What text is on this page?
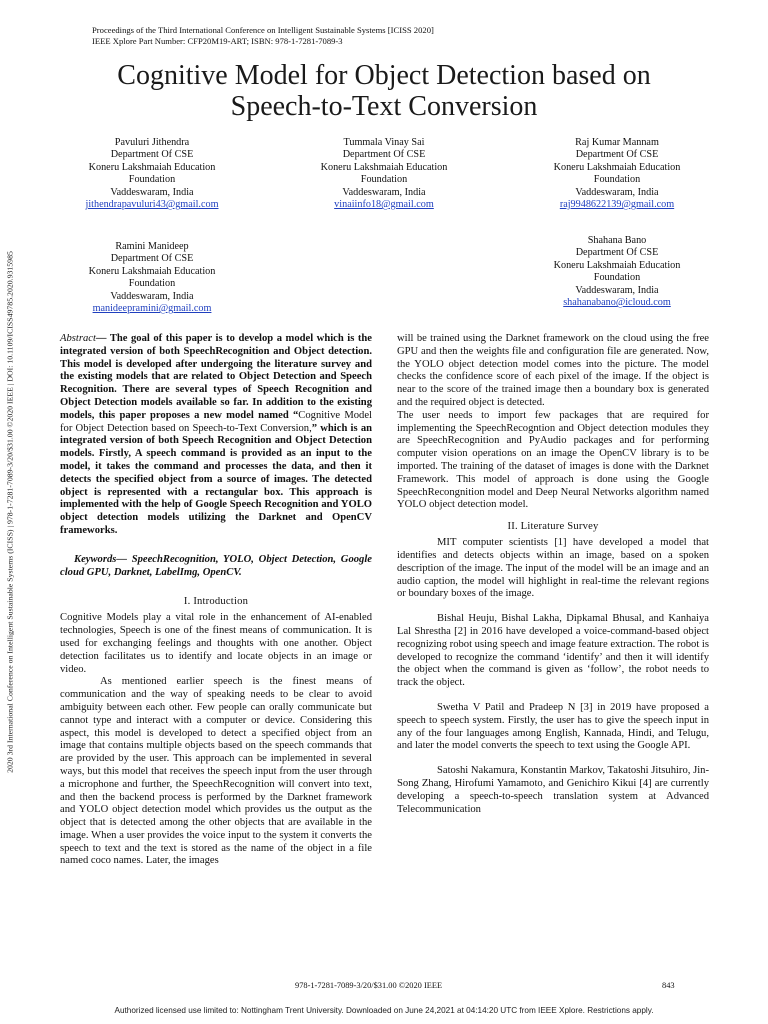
Proceedings of the Third International Conference on Intelligent Sustainable Systems [ICISS 2020]
IEEE Xplore Part Number: CFP20M19-ART; ISBN: 978-1-7281-7089-3
Cognitive Model for Object Detection based on
Speech-to-Text Conversion
2020 3rd International Conference on Intelligent Sustainable Systems (ICISS) | 978-1-7281-7089-3/20/$31.00 ©2020 IEEE | DOI: 10.1109/ICISS49785.2020.9315985
Pavuluri Jithendra
Department Of CSE
Koneru Lakshmaiah Education
Foundation
Vaddeswaram, India
jithendrapavuluri43@gmail.com
Tummala Vinay Sai
Department Of CSE
Koneru Lakshmaiah Education
Foundation
Vaddeswaram, India
vinaiinfo18@gmail.com
Raj Kumar Mannam
Department Of CSE
Koneru Lakshmaiah Education
Foundation
Vaddeswaram, India
raj9948622139@gmail.com
Ramini Manideep
Department Of CSE
Koneru Lakshmaiah Education
Foundation
Vaddeswaram, India
manideepramini@gmail.com
Shahana Bano
Department Of CSE
Koneru Lakshmaiah Education
Foundation
Vaddeswaram, India
shahanabano@icloud.com

Abstract— The goal of this paper is to develop a model which is the integrated version of both SpeechRecognition and Object detection. This model is developed after undergoing the literature survey and the existing models that are related to Object Detection and Speech Recognition. There are several types of Speech Recognition and Object Detection models available so far. In addition to the existing models, this paper proposes a new model named “Cognitive Model for Object Detection based on Speech-to-Text Conversion,” which is an integrated version of both Speech Recognition and Object Detection models. Firstly, A speech command is provided as an input to the model, it takes the command and processes the data, and then it detects the specified object from a source of images. The detected object is represented with a rectangular box. This approach is implemented with the help of Google Speech Recognition and YOLO object detection models utilizing the Darknet and OpenCV frameworks.

Keywords— SpeechRecognition, YOLO, Object Detection, Google cloud GPU, Darknet, LabelImg, OpenCV.

I. Introduction

Cognitive Models play a vital role in the enhancement of AI-enabled technologies, Speech is one of the finest means of communication. It is used for exchanging feelings and thoughts with one another. Object detection facilitates us to identify and locate objects in an image or video.

As mentioned earlier speech is the finest means of communication and the way of speaking needs to be clear to avoid ambiguity between each other. Few people can orally communicate but cannot type and interact with a computer or device. Considering this aspect, this model is developed to detect a specified object from an image that contains multiple objects based on the speech commands that are provided by the user. This approach can be implemented in several ways, but this model that receives the speech input from the user through a microphone and further, the SpeechRecognition will convert into text, and then the backend process is performed by the Darknet framework and YOLO object detection model which provides us the output as the object that is detected among the other objects that are available in the image. When a user provides the voice input to the system it converts the speech to text and the text is stored as the name of the object in a file named coco names. Later, the images

will be trained using the Darknet framework on the cloud using the free GPU and then the weights file and configuration file are generated. Now, the YOLO object detection model comes into the picture. The model checks the confidence score of each pixel of the image. If the object is near to the score of the trained image then a boundary box is generated and the required object is detected.

The user needs to import few packages that are required for implementing the SpeechRecogntion and Object detection modules they are SpeechRecognition and PyAudio packages and for performing computer vision operations on an image the OpenCV library is to be imported. The training of the dataset of images is done with the Darknet Framework. This model of approach is done using the Google SpeechRecongnition model and Deep Neural Networks algorithm named YOLO object detection model.

II. Literature Survey

MIT computer scientists [1] have developed a model that identifies and detects objects within an image, based on a spoken description of the image. The input of the model will be an image and an audio caption, the model will highlight in real-time the relevant regions or boundary boxes of the image.

Bishal Heuju, Bishal Lakha, Dipkamal Bhusal, and Kanhaiya Lal Shrestha [2] in 2016 have developed a voice-command-based object recognizing robot using speech and image feature extraction. The robot is developed to recognize the command ‘identify’ and then it will identify the object when the command is given as ‘follow’, the robot needs to track the object.

Swetha V Patil and Pradeep N [3] in 2019 have proposed a speech to speech system. Firstly, the user has to give the speech input in any of the four languages among English, Kannada, Hindi, and Telugu, and later the model converts the speech to text using the Google API.

Satoshi Nakamura, Konstantin Markov, Takatoshi Jitsuhiro, Jin-Song Zhang, Hirofumi Yamamoto, and Genichiro Kikui [4] are currently developing a speech-to-speech translation system at Advanced Telecommunication

978-1-7281-7089-3/20/$31.00 ©2020 IEEE	843
Authorized licensed use limited to: Nottingham Trent University. Downloaded on June 24,2021 at 04:14:20 UTC from IEEE Xplore. Restrictions apply.
